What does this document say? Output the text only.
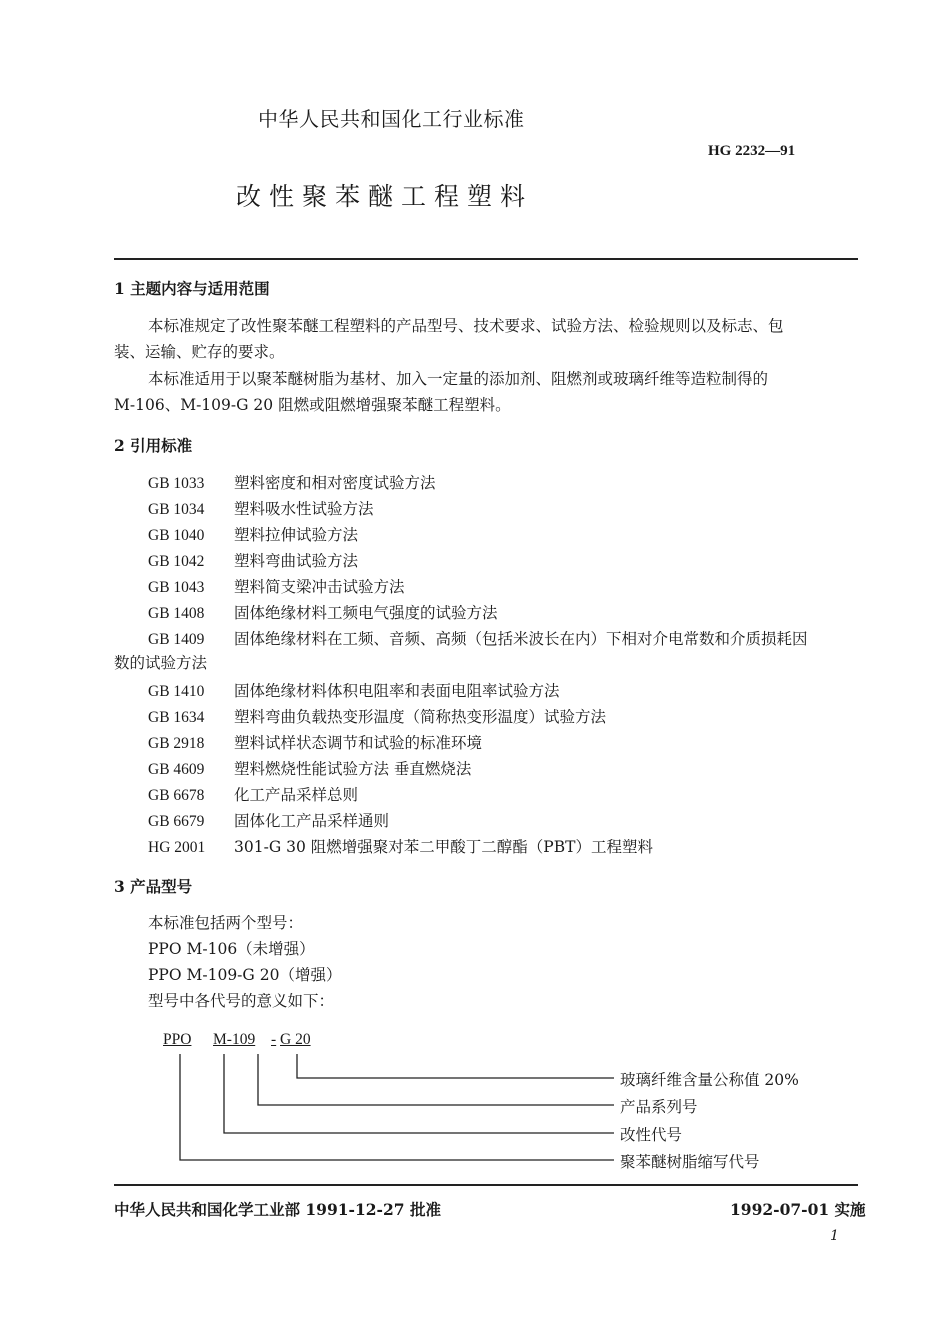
中华人民共和国化工行业标准
HG 2232—91
改性聚苯醚工程塑料
1 主题内容与适用范围
本标准规定了改性聚苯醚工程塑料的产品型号、技术要求、试验方法、检验规则以及标志、包
装、运输、贮存的要求。
本标准适用于以聚苯醚树脂为基材、加入一定量的添加剂、阻燃剂或玻璃纤维等造粒制得的
M-106、M-109-G 20 阻燃或阻燃增强聚苯醚工程塑料。
2 引用标准
GB 1033 塑料密度和相对密度试验方法
GB 1034 塑料吸水性试验方法
GB 1040 塑料拉伸试验方法
GB 1042 塑料弯曲试验方法
GB 1043 塑料简支梁冲击试验方法
GB 1408 固体绝缘材料工频电气强度的试验方法
GB 1409 固体绝缘材料在工频、音频、高频（包括米波长在内）下相对介电常数和介质损耗因
数的试验方法
GB 1410 固体绝缘材料体积电阻率和表面电阻率试验方法
GB 1634 塑料弯曲负载热变形温度（简称热变形温度）试验方法
GB 2918 塑料试样状态调节和试验的标准环境
GB 4609 塑料燃烧性能试验方法 垂直燃烧法
GB 6678 化工产品采样总则
GB 6679 固体化工产品采样通则
HG 2001 301-G 30 阻燃增强聚对苯二甲酸丁二醇酯（PBT）工程塑料
3 产品型号
本标准包括两个型号：
PPO M-106（未增强）
PPO M-109-G 20（增强）
型号中各代号的意义如下：
PPO M-109 - G 20
玻璃纤维含量公称值 20%
产品系列号
改性代号
聚苯醚树脂缩写代号
中华人民共和国化学工业部 1991-12-27 批准	1992-07-01 实施
1
